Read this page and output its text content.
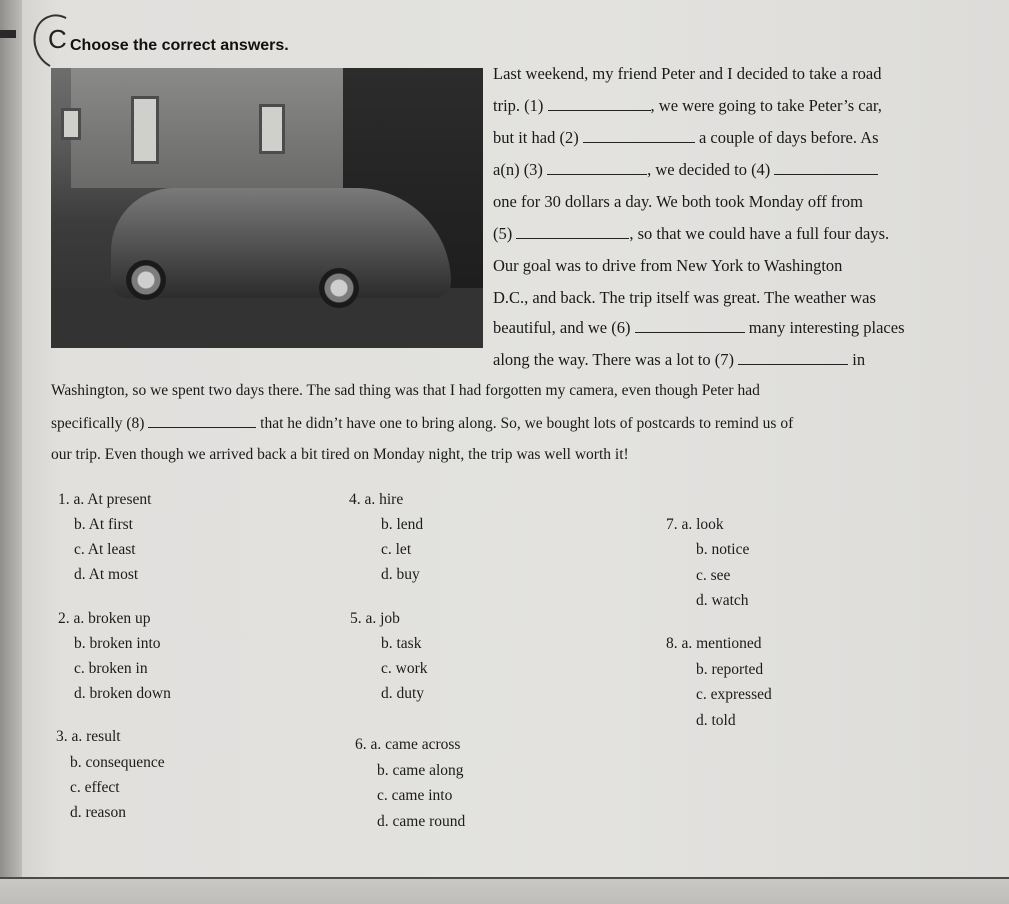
C Choose the correct answers.
Last weekend, my friend Peter and I decided to take a road
trip. (1)	, we were going to take Peter’s car,
but it had (2)	a couple of days before. As
a(n) (3)	, we decided to (4)
one for 30 dollars a day. We both took Monday off from
(5)	, so that we could have a full four days.
Our goal was to drive from New York to Washington
D.C., and back. The trip itself was great. The weather was
beautiful, and we (6)	many interesting places
along the way. There was a lot to (7)	in
Washington, so we spent two days there. The sad thing was that I had forgotten my camera, even though Peter had
specifically (8)	that he didn’t have one to bring along. So, we bought lots of postcards to remind us of
our trip. Even though we arrived back a bit tired on Monday night, the trip was well worth it!
1. a. At present
b. At first
c. At least
d. At most
2. a. broken up
b. broken into
c. broken in
d. broken down
3. a. result
b. consequence
c. effect
d. reason
4. a. hire
b. lend
c. let
d. buy
5. a. job
b. task
c. work
d. duty
6. a. came across
b. came along
c. came into
d. came round
7. a. look
b. notice
c. see
d. watch
8. a. mentioned
b. reported
c. expressed
d. told
